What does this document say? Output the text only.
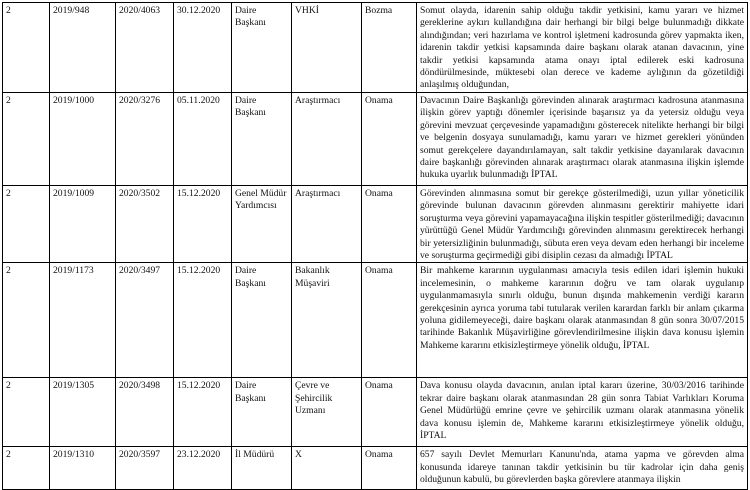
2	2019/948	2020/4063	30.12.2020	Daire Başkanı	VHKİ	Bozma	Somut olayda, idarenin sahip olduğu takdir yetkisini, kamu yararı ve hizmet gereklerine aykırı kullandığına dair herhangi bir bilgi belge bulunmadığı dikkate alındığından; veri hazırlama ve kontrol işletmeni kadrosunda görev yapmakta iken, idarenin takdir yetkisi kapsamında daire başkanı olarak atanan davacının, yine takdir yetkisi kapsamında atama onayı iptal edilerek eski kadrosuna döndürülmesinde, müktesebi olan derece ve kademe aylığının da gözetildiği anlaşılmış olduğundan,
2	2019/1000	2020/3276	05.11.2020	Daire Başkanı	Araştırmacı	Onama	Davacının Daire Başkanlığı görevinden alınarak araştırmacı kadrosuna atanmasına ilişkin görev yaptığı dönemler içerisinde başarısız ya da yetersiz olduğu veya görevini mevzuat çerçevesinde yapamadığını gösterecek nitelikte herhangi bir bilgi ve belgenin dosyaya sunulamadığı, kamu yararı ve hizmet gerekleri yönünden somut gerekçelere dayandırılamayan, salt takdir yetkisine dayanılarak davacının daire başkanlığı görevinden alınarak araştırmacı olarak atanmasına ilişkin işlemde hukuka uyarlık bulunmadığı İPTAL
2	2019/1009	2020/3502	15.12.2020	Genel Müdür Yardımcısı	Araştırmacı	Onama	Görevinden alınmasına somut bir gerekçe gösterilmediği, uzun yıllar yöneticilik görevinde bulunan davacının görevden alınmasını gerektirir mahiyette idari soruşturma veya görevini yapamayacağına ilişkin tespitler gösterilmediği; davacının yürüttüğü Genel Müdür Yardımcılığı görevinden alınmasını gerektirecek herhangi bir yetersizliğinin bulunmadığı, sübuta eren veya devam eden herhangi bir inceleme ve soruşturma geçirmediği gibi disiplin cezası da almadığı İPTAL
2	2019/1173	2020/3497	15.12.2020	Daire Başkanı	Bakanlık Müşaviri	Onama	Bir mahkeme kararının uygulanması amacıyla tesis edilen idari işlemin hukuki incelemesinin, o mahkeme kararının doğru ve tam olarak uygulanıp uygulanmamasıyla sınırlı olduğu, bunun dışında mahkemenin verdiği kararın gerekçesinin ayrıca yoruma tabi tutularak verilen karardan farklı bir anlam çıkarma yoluna gidilemeyeceği, daire başkanı olarak atanmasından 8 gün sonra 30/07/2015 tarihinde Bakanlık Müşavirliğine görevlendirilmesine ilişkin dava konusu işlemin Mahkeme kararını etkisizleştirmeye yönelik olduğu, İPTAL
2	2019/1305	2020/3498	15.12.2020	Daire Başkanı	Çevre ve Şehircilik Uzmanı	Onama	Dava konusu olayda davacının, anılan iptal kararı üzerine, 30/03/2016 tarihinde tekrar daire başkanı olarak atanmasından 28 gün sonra Tabiat Varlıkları Koruma Genel Müdürlüğü emrine çevre ve şehircilik uzmanı olarak atanmasına yönelik dava konusu işlemin de, Mahkeme kararını etkisizleştirmeye yönelik olduğu, İPTAL
2	2019/1310	2020/3597	23.12.2020	İl Müdürü	X	Onama	657 sayılı Devlet Memurları Kanunu'nda, atama yapma ve görevden alma konusunda idareye tanınan takdir yetkisinin bu tür kadrolar için daha geniş olduğunun kabulü, bu görevlerden başka görevlere atanmaya ilişkin
